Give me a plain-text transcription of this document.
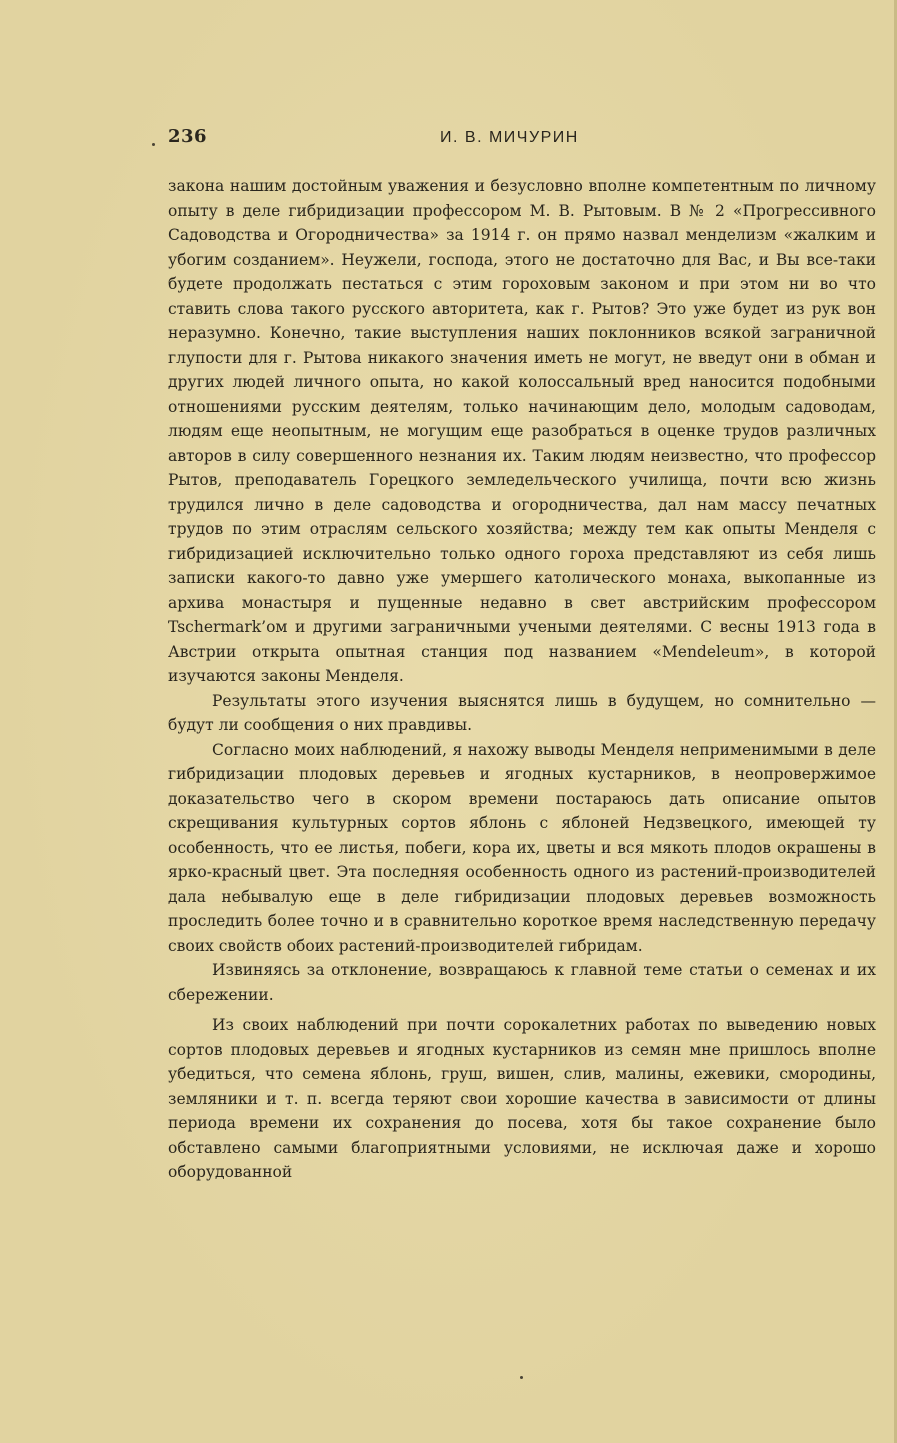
236	И. В. МИЧУРИН

закона нашим достойным уважения и безусловно вполне компетентным по личному опыту в деле гибридизации профессором М. В. Рытовым. В № 2 «Прогрессивного Садоводства и Огородничества» за 1914 г. он прямо назвал менделизм «жалким и убогим созданием». Неужели, господа, этого не достаточно для Вас, и Вы все-таки будете продолжать пестаться с этим гороховым законом и при этом ни во что ставить слова такого русского авторитета, как г. Рытов? Это уже будет из рук вон неразумно. Конечно, такие выступления наших поклонников всякой заграничной глупости для г. Рытова никакого значения иметь не могут, не введут они в обман и других людей личного опыта, но какой колоссальный вред наносится подобными отношениями русским деятелям, только начинающим дело, молодым садоводам, людям еще неопытным, не могущим еще разобраться в оценке трудов различных авторов в силу совершенного незнания их. Таким людям неизвестно, что профессор Рытов, преподаватель Горецкого земледельческого училища, почти всю жизнь трудился лично в деле садоводства и огородничества, дал нам массу печатных трудов по этим отраслям сельского хозяйства; между тем как опыты Менделя с гибридизацией исключительно только одного гороха представляют из себя лишь записки какого-то давно уже умершего католического монаха, выкопанные из архива монастыря и пущенные недавно в свет австрийским профессором Tschermark’ом и другими заграничными учеными деятелями. С весны 1913 года в Австрии открыта опытная станция под названием «Mendeleum», в которой изучаются законы Менделя.

Результаты этого изучения выяснятся лишь в будущем, но сомнительно — будут ли сообщения о них правдивы.

Согласно моих наблюдений, я нахожу выводы Менделя неприменимыми в деле гибридизации плодовых деревьев и ягодных кустарников, в неопровержимое доказательство чего в скором времени постараюсь дать описание опытов скрещивания культурных сортов яблонь с яблоней Недзвецкого, имеющей ту особенность, что ее листья, побеги, кора их, цветы и вся мякоть плодов окрашены в ярко-красный цвет. Эта последняя особенность одного из растений-производителей дала небывалую еще в деле гибридизации плодовых деревьев возможность проследить более точно и в сравнительно короткое время наследственную передачу своих свойств обоих растений-производителей гибридам.

Извиняясь за отклонение, возвращаюсь к главной теме статьи о семенах и их сбережении.

Из своих наблюдений при почти сорокалетних работах по выведению новых сортов плодовых деревьев и ягодных кустарников из семян мне пришлось вполне убедиться, что семена яблонь, груш, вишен, слив, малины, ежевики, смородины, земляники и т. п. всегда теряют свои хорошие качества в зависимости от длины периода времени их сохранения до посева, хотя бы такое сохранение было обставлено самыми благоприятными условиями, не исключая даже и хорошо оборудованной
